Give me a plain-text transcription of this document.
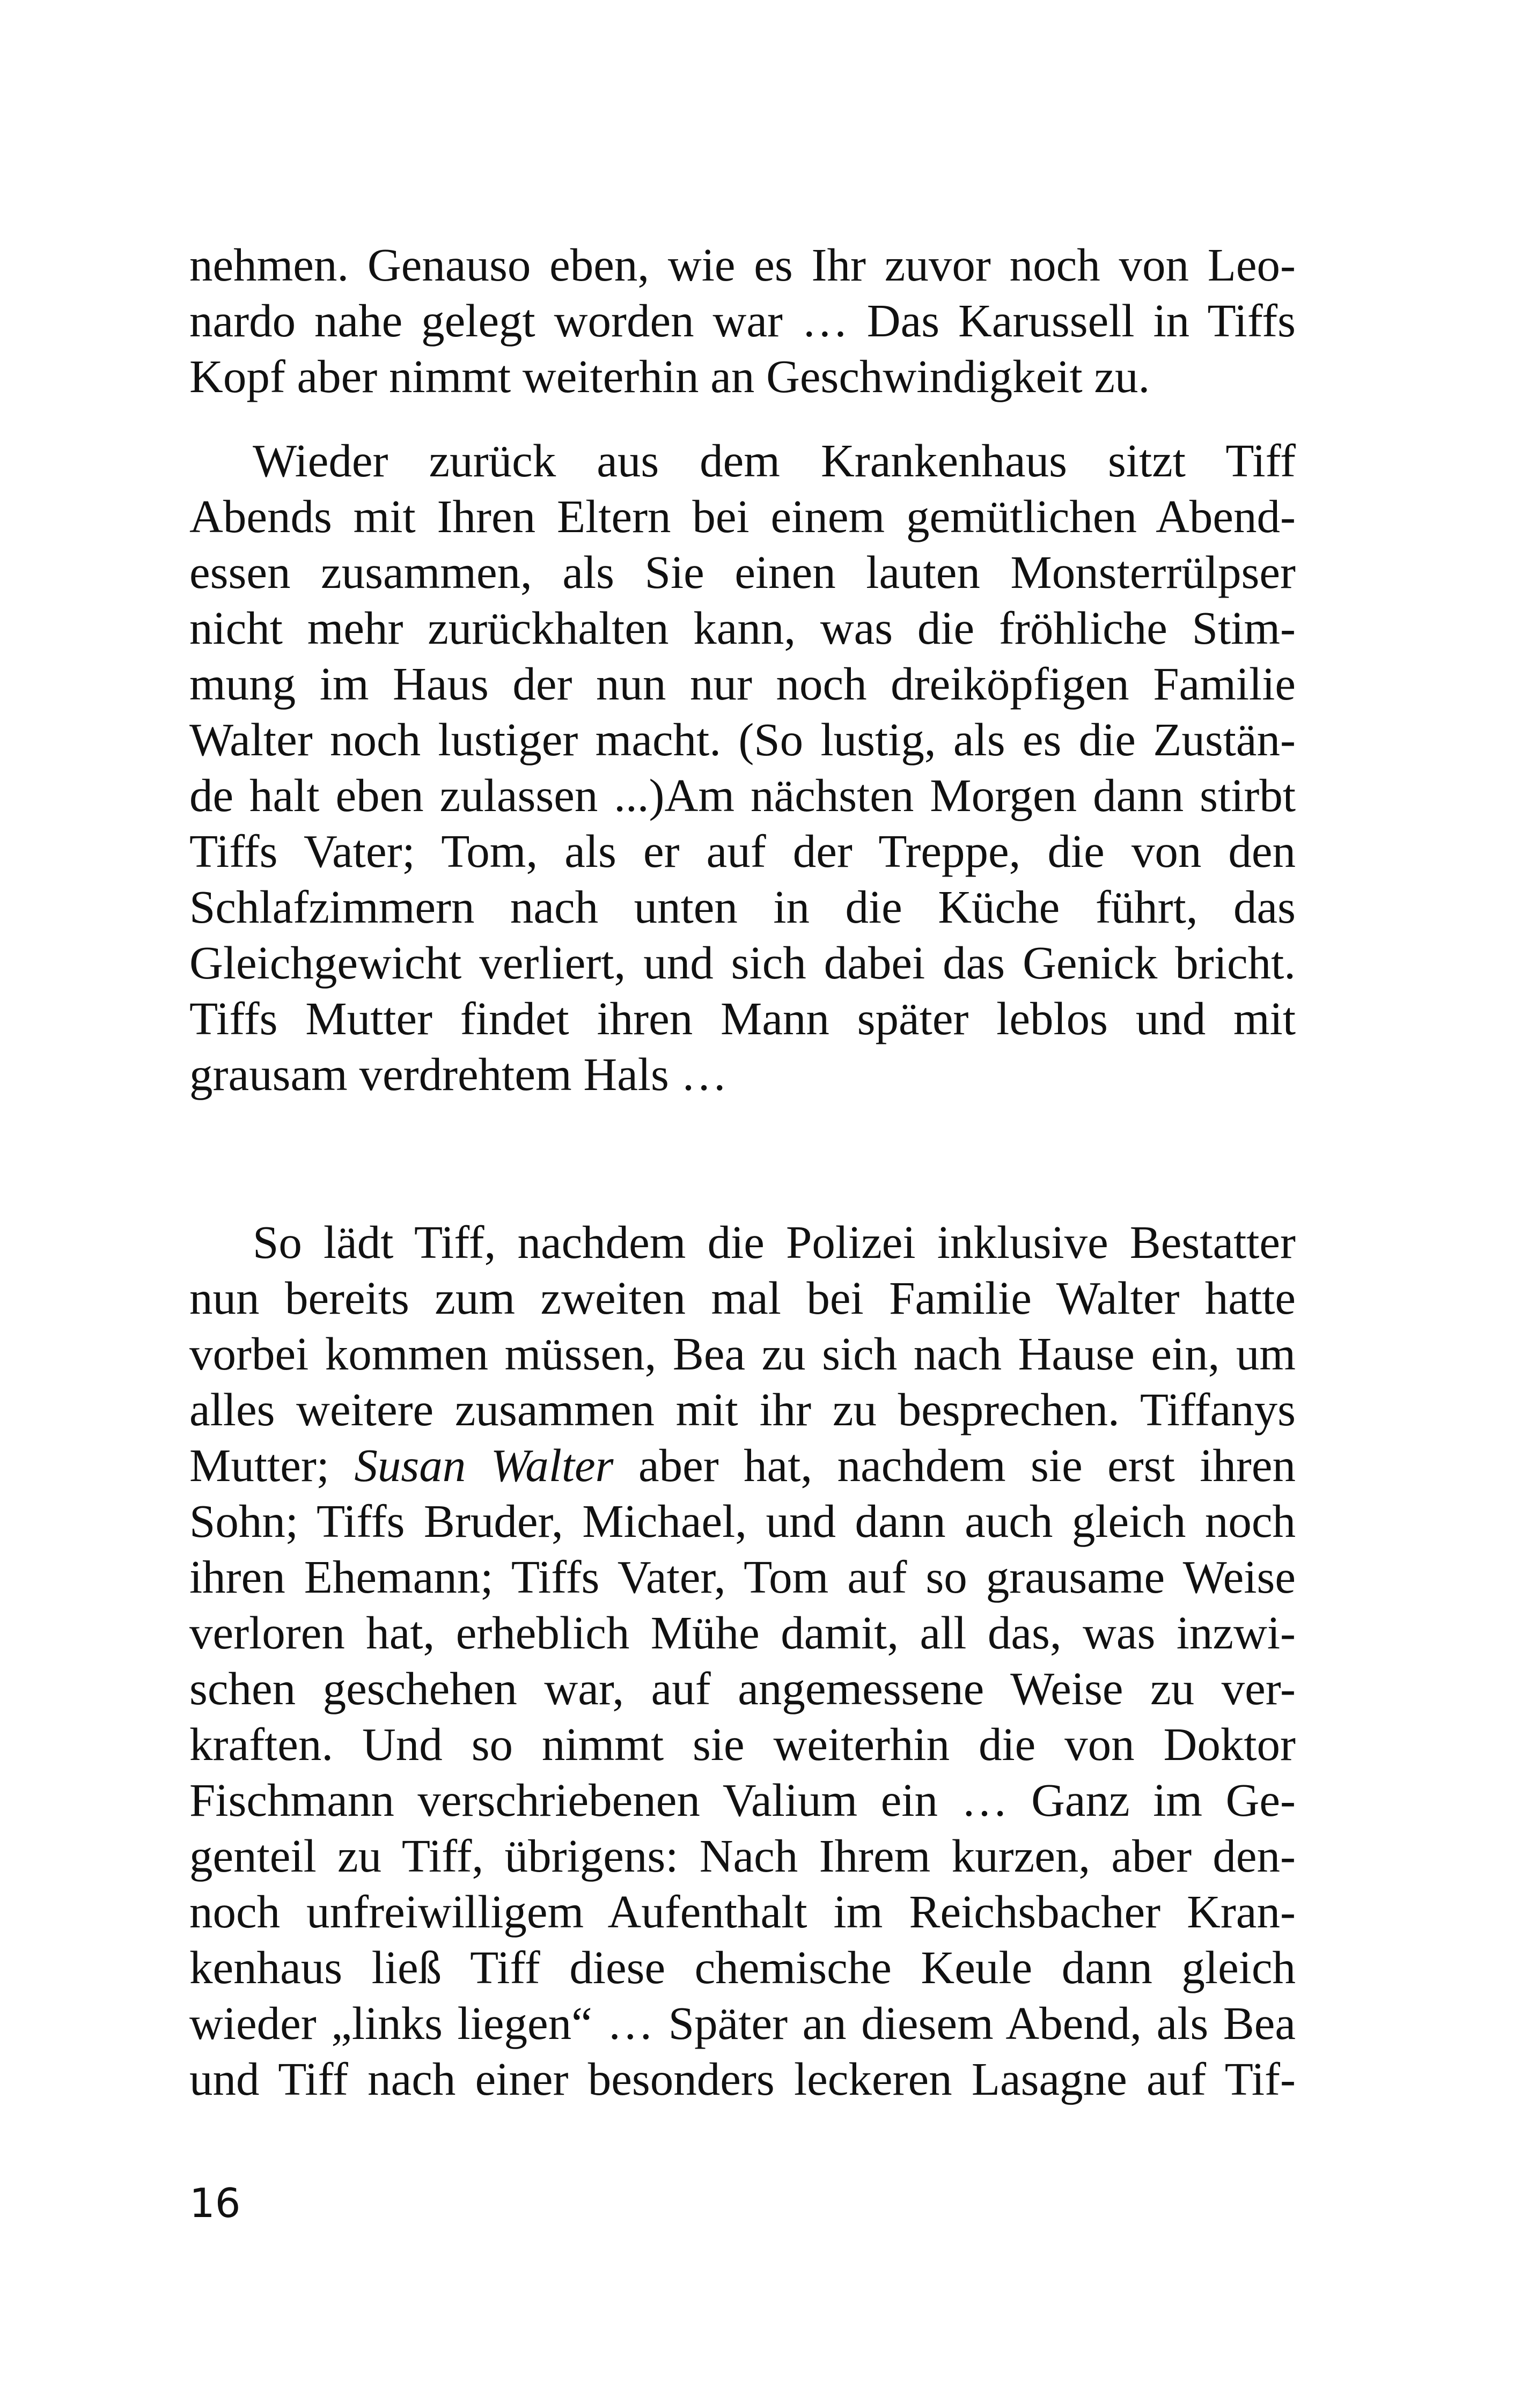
nehmen. Genauso eben, wie es Ihr zuvor noch von Leo-
nardo nahe gelegt worden war … Das Karussell in Tiffs
Kopf aber nimmt weiterhin an Geschwindigkeit zu.
Wieder zurück aus dem Krankenhaus sitzt Tiff
Abends mit Ihren Eltern bei einem gemütlichen Abend-
essen zusammen, als Sie einen lauten Monsterrülpser
nicht mehr zurückhalten kann, was die fröhliche Stim-
mung im Haus der nun nur noch dreiköpfigen Familie
Walter noch lustiger macht. (So lustig, als es die Zustän-
de halt eben zulassen ...)Am nächsten Morgen dann stirbt
Tiffs Vater; Tom, als er auf der Treppe, die von den
Schlafzimmern nach unten in die Küche führt, das
Gleichgewicht verliert, und sich dabei das Genick bricht.
Tiffs Mutter findet ihren Mann später leblos und mit
grausam verdrehtem Hals …
So lädt Tiff, nachdem die Polizei inklusive Bestatter
nun bereits zum zweiten mal bei Familie Walter hatte
vorbei kommen müssen, Bea zu sich nach Hause ein, um
alles weitere zusammen mit ihr zu besprechen. Tiffanys
Mutter; Susan Walter aber hat, nachdem sie erst ihren
Sohn; Tiffs Bruder, Michael, und dann auch gleich noch
ihren Ehemann; Tiffs Vater, Tom auf so grausame Weise
verloren hat, erheblich Mühe damit, all das, was inzwi-
schen geschehen war, auf angemessene Weise zu ver-
kraften. Und so nimmt sie weiterhin die von Doktor
Fischmann verschriebenen Valium ein … Ganz im Ge-
genteil zu Tiff, übrigens: Nach Ihrem kurzen, aber den-
noch unfreiwilligem Aufenthalt im Reichsbacher Kran-
kenhaus ließ Tiff diese chemische Keule dann gleich
wieder „links liegen“ … Später an diesem Abend, als Bea
und Tiff nach einer besonders leckeren Lasagne auf Tif-
16
